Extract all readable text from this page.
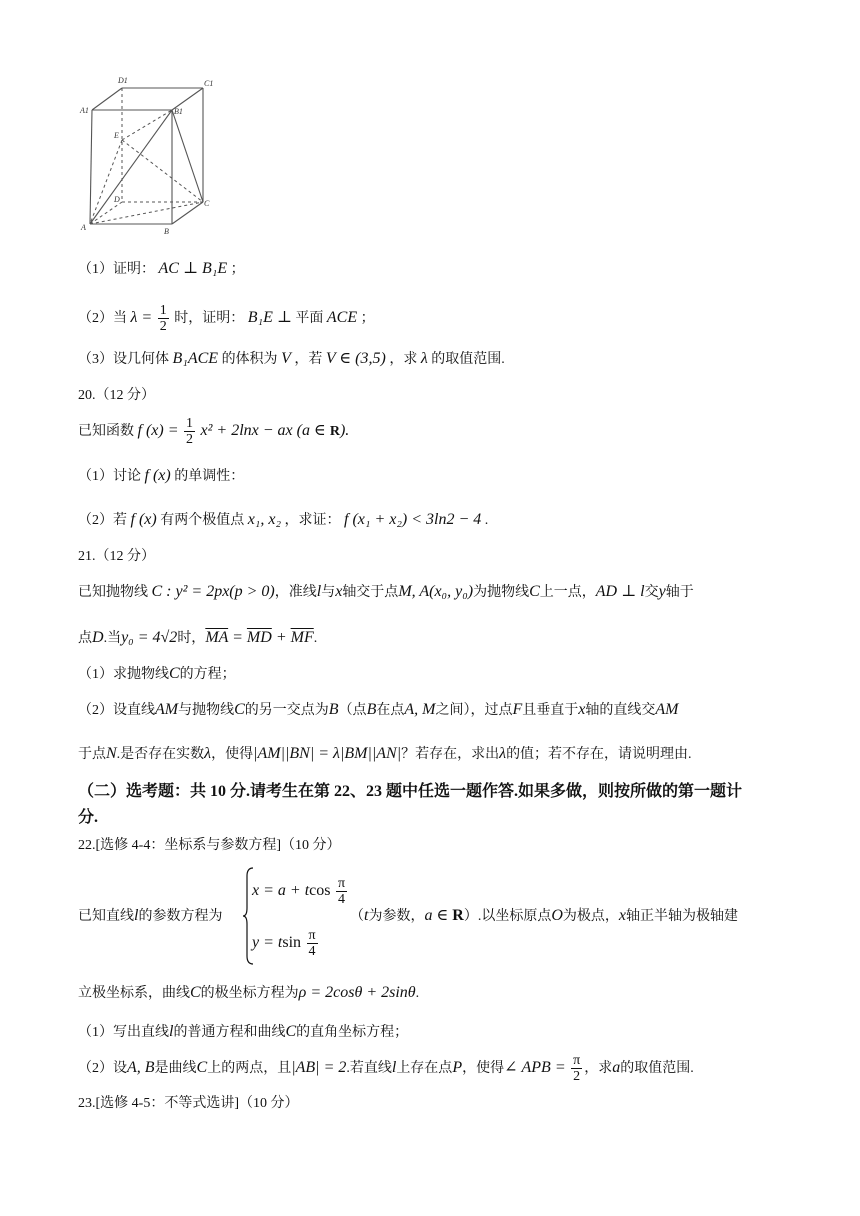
D1	C1
A1	B1
E
D	C
A	B
（1）证明： AC ⊥ B₁E ；
（2）当 $\lambda = \frac{1}{2}$ 时，证明： B₁E ⊥ 平面 ACE ；
（3）设几何体 B₁ACE 的体积为 V ，若 V ∈ (3,5) ，求 λ 的取值范围.
20.（12 分）
已知函数 f $(x) = \frac{1}{2} x^2 + 2\ln x$ − ax (a ∈ R).
（1）讨论 f (x) 的单调性：
（2）若 f (x) 有两个极值点 x₁, x₂ ，求证： f (x₁ + x₂) < 3ln2 − 4 .
21.（12 分）
已知抛物线 C : y² = 2px(p > 0)，准线l与x轴交于点M, A(x₀, y₀)为抛物线C上一点，AD ⊥ l交y轴于
点D.当y₀ = 4√2时，$\overline{MA} = \overline{MD} + \overline{MF}$.
（1）求抛物线C的方程；
（2）设直线AM与抛物线C的另一交点为B（点B在点A, M之间），过点F且垂直于x轴的直线交AM
于点N.是否存在实数λ，使得|AM||BN| = λ|BM||AN|？若存在，求出λ的值；若不存在，请说明理由.
（二）选考题：共 10 分.请考生在第 22、23 题中任选一题作答.如果多做，则按所做的第一题计
分.
22.[选修 4-4：坐标系与参数方程]（10 分）
已知直线l的参数方程为
x = a + tcos $\frac{\pi}{4}$
y = tsin $\frac{\pi}{4}$
（t为参数，a ∈ R）.以坐标原点O为极点，x轴正半轴为极轴建
立极坐标系，曲线C的极坐标方程为ρ = 2cosθ + 2sinθ.
（1）写出直线l的普通方程和曲线C的直角坐标方程；
（2）设A, B是曲线C上的两点，且|AB| = 2.若直线l上存在点P，使得∠ APB = $\frac{\pi}{2}$ ，求a的取值范围.
23.[选修 4-5：不等式选讲]（10 分）
